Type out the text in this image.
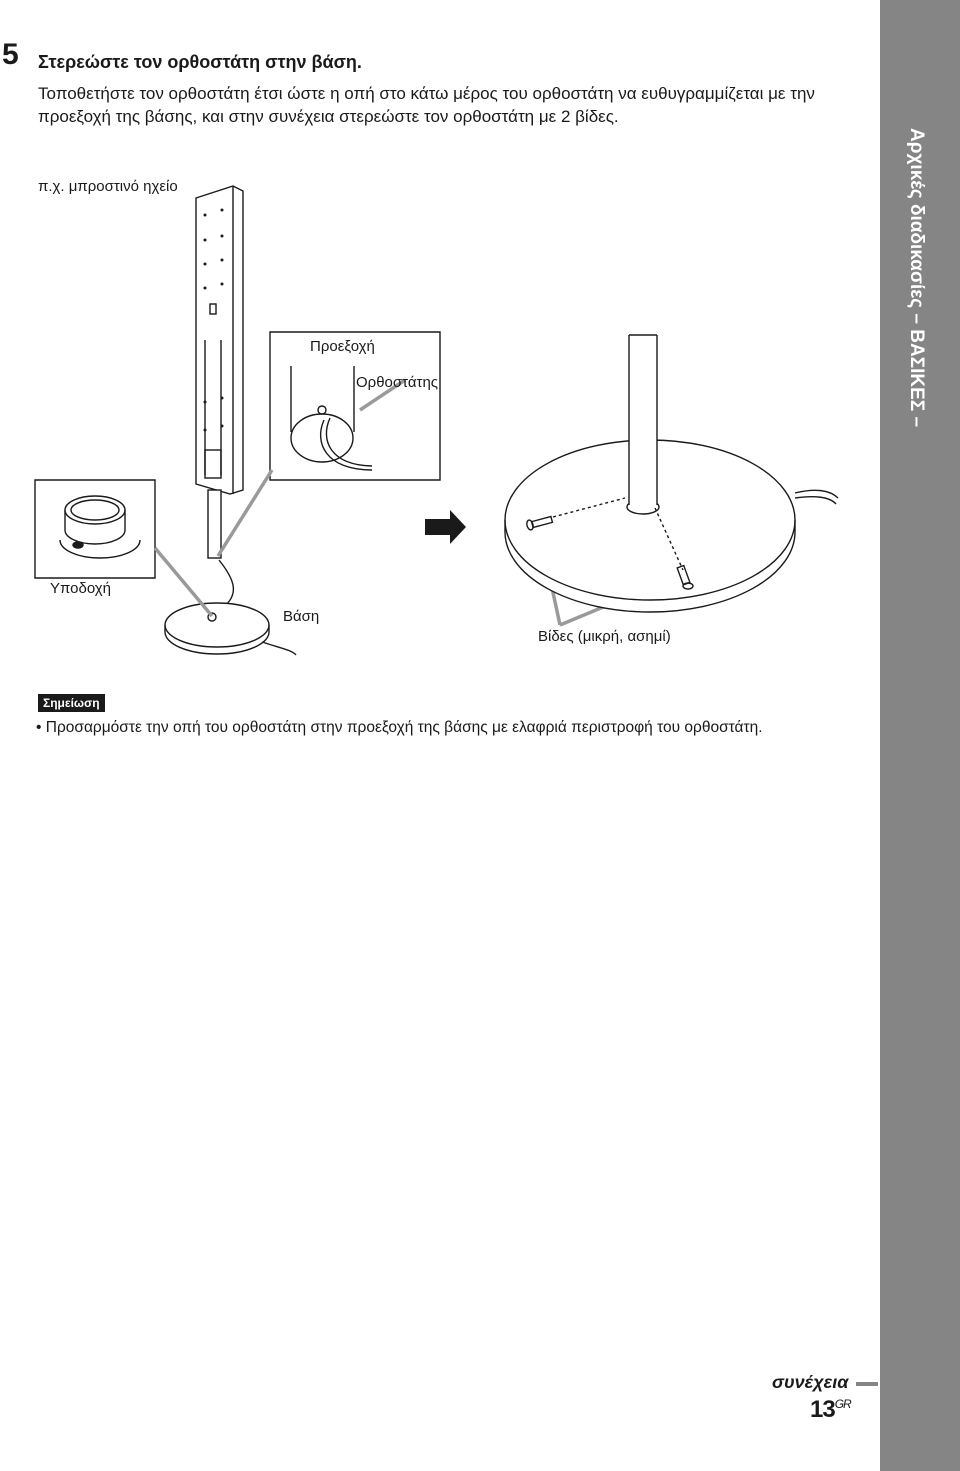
5 Στερεώστε τον ορθοστάτη στην βάση.

Τοποθετήστε τον ορθοστάτη έτσι ώστε η οπή στο κάτω μέρος του ορθοστάτη να ευθυγραμμίζεται με την προεξοχή της βάσης, και στην συνέχεια στερεώστε τον ορθοστάτη με 2 βίδες.

π.χ. μπροστινό ηχείο
Προεξοχή
Ορθοστάτης
Υποδοχή
Βάση
Βίδες (μικρή, ασημί)
Σημείωση
• Προσαρμόστε την οπή του ορθοστάτη στην προεξοχή της βάσης με ελαφριά περιστροφή του ορθοστάτη.
Αρχικές διαδικασίες – ΒΑΣΙΚΕΣ –
συνέχεια
$13^{GR}$
